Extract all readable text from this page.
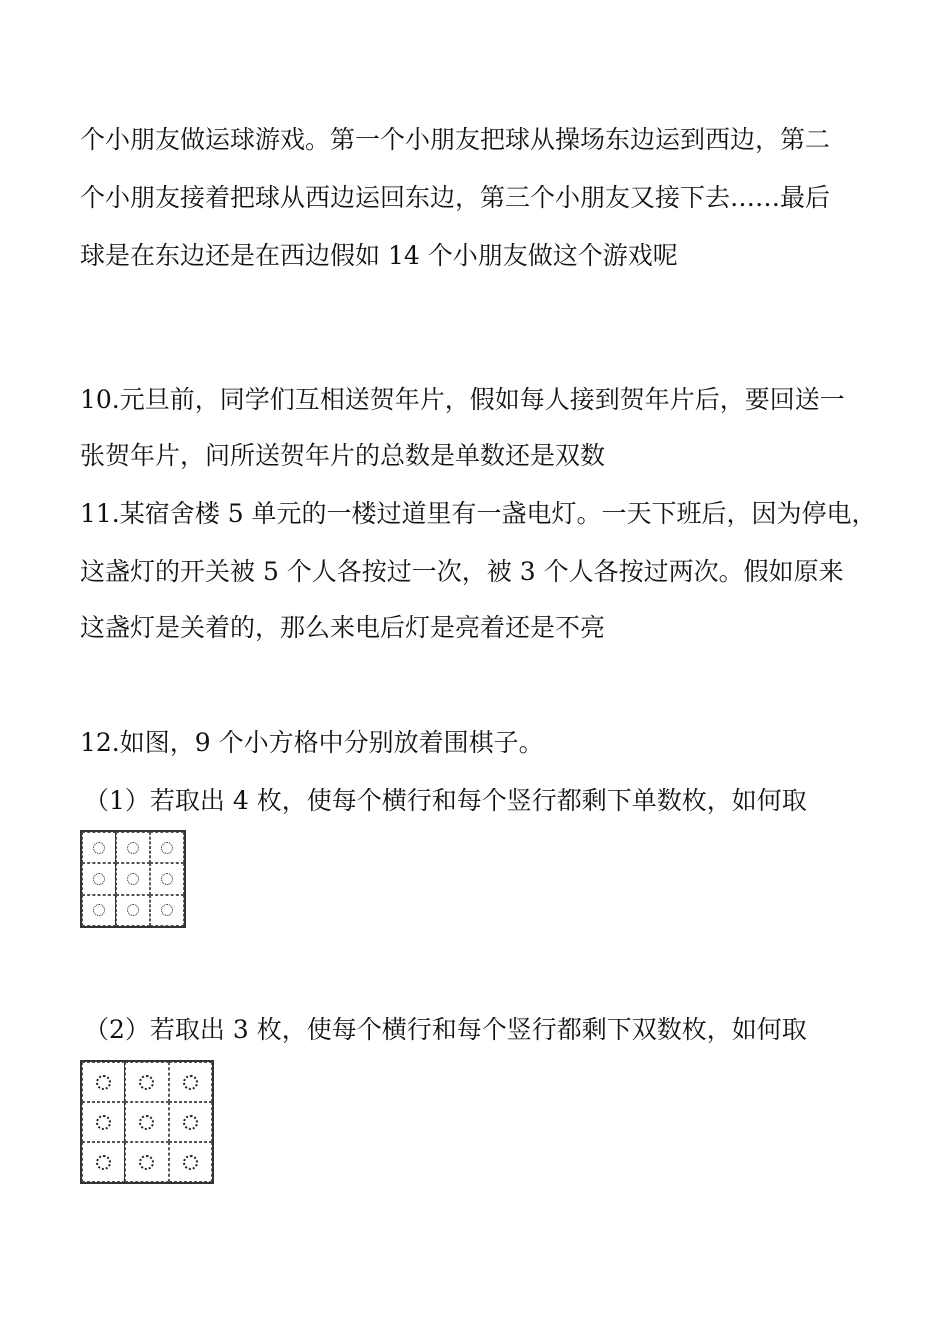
个小朋友做运球游戏。第一个小朋友把球从操场东边运到西边，第二
个小朋友接着把球从西边运回东边，第三个小朋友又接下去……最后
球是在东边还是在西边假如 14 个小朋友做这个游戏呢
10.元旦前，同学们互相送贺年片，假如每人接到贺年片后，要回送一
张贺年片，问所送贺年片的总数是单数还是双数
11.某宿舍楼 5 单元的一楼过道里有一盏电灯。一天下班后，因为停电，
这盏灯的开关被 5 个人各按过一次，被 3 个人各按过两次。假如原来
这盏灯是关着的，那么来电后灯是亮着还是不亮
12.如图，9 个小方格中分别放着围棋子。
（1）若取出 4 枚，使每个横行和每个竖行都剩下单数枚，如何取
（2）若取出 3 枚，使每个横行和每个竖行都剩下双数枚，如何取
